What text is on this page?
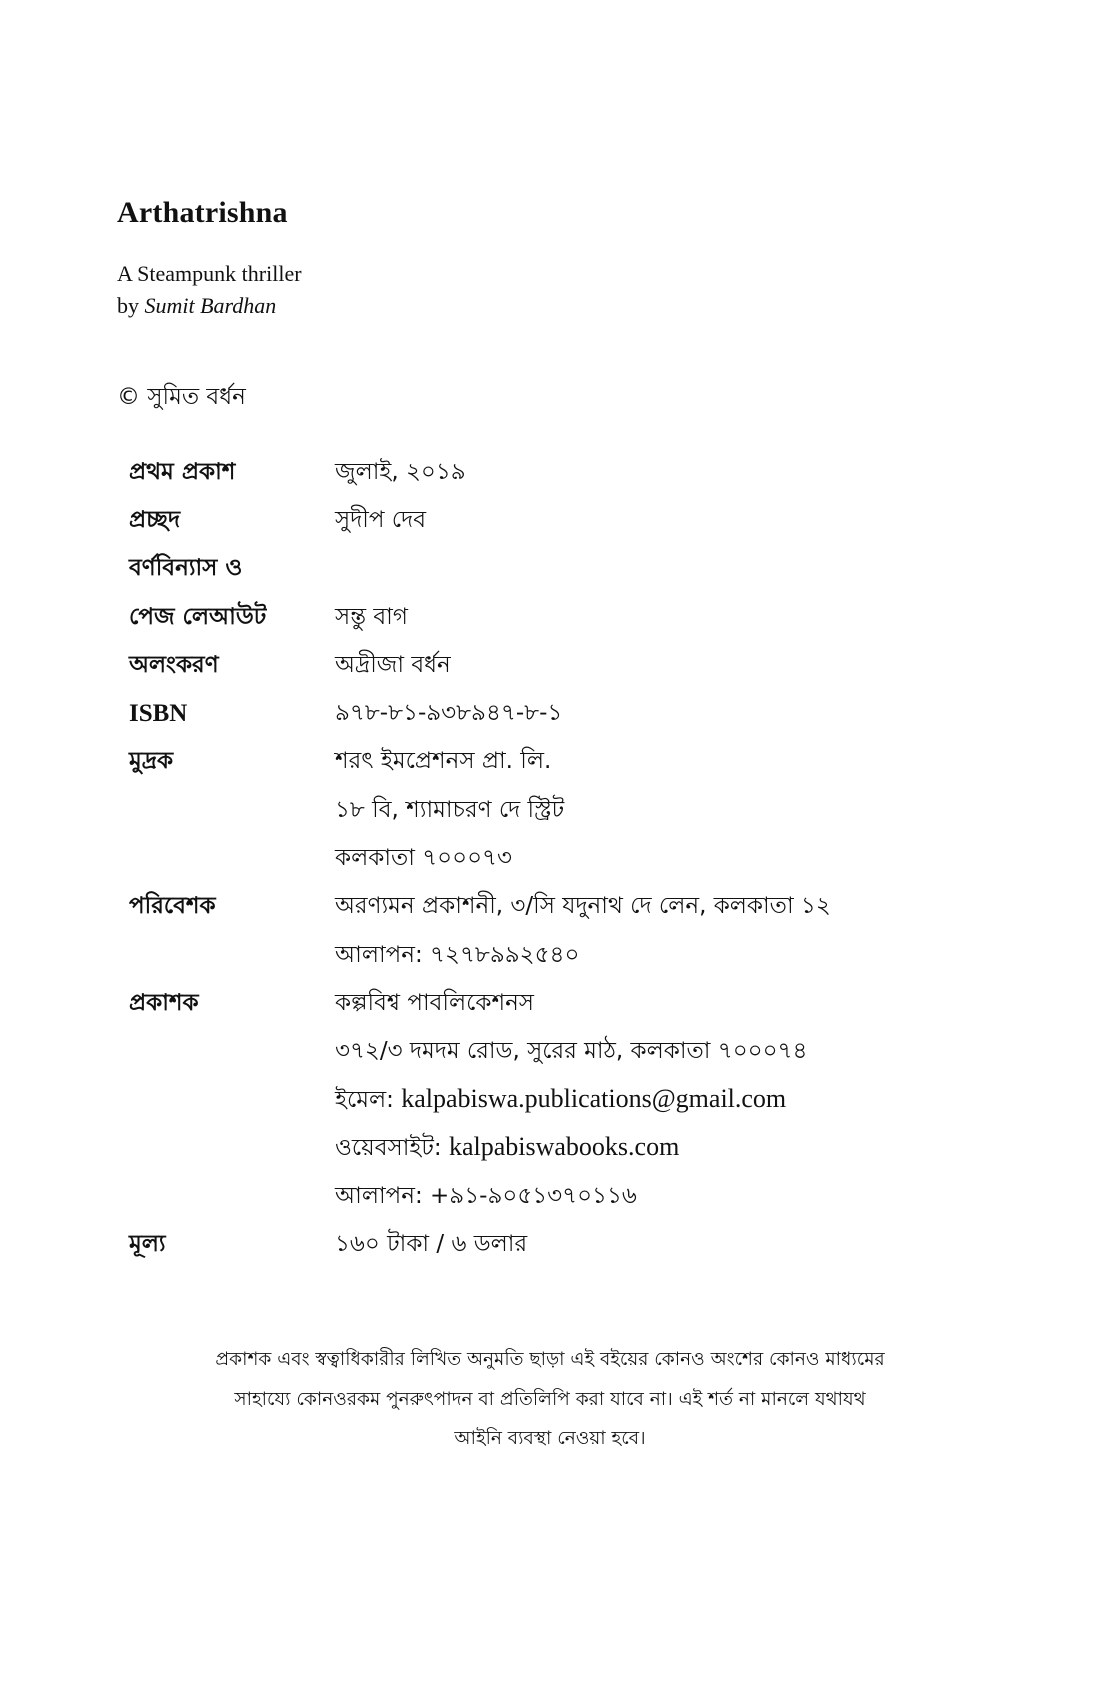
Arthatrishna
A Steampunk thriller
by Sumit Bardhan
© সুমিত বর্ধন
প্রথম প্রকাশ	জুলাই, ২০১৯
প্রচ্ছদ	সুদীপ দেব
বর্ণবিন্যাস ও
পেজ লেআউট	সন্তু বাগ
অলংকরণ	অদ্রীজা বর্ধন
ISBN	৯৭৮-৮১-৯৩৮৯৪৭-৮-১
মুদ্রক	শরৎ ইমপ্রেশনস প্রা. লি.
১৮ বি, শ্যামাচরণ দে স্ট্রিট
কলকাতা ৭০০০৭৩
পরিবেশক	অরণ্যমন প্রকাশনী, ৩/সি যদুনাথ দে লেন, কলকাতা ১২
আলাপন: ৭২৭৮৯৯২৫৪০
প্রকাশক	কল্পবিশ্ব পাবলিকেশনস
৩৭২/৩ দমদম রোড, সুরের মাঠ, কলকাতা ৭০০০৭৪
ইমেল: kalpabiswa.publications@gmail.com
ওয়েবসাইট: kalpabiswabooks.com
আলাপন: +৯১-৯০৫১৩৭০১১৬
মূল্য	১৬০ টাকা / ৬ ডলার
প্রকাশক এবং স্বত্বাধিকারীর লিখিত অনুমতি ছাড়া এই বইয়ের কোনও অংশের কোনও মাধ্যমের
সাহায্যে কোনওরকম পুনরুৎপাদন বা প্রতিলিপি করা যাবে না। এই শর্ত না মানলে যথাযথ
আইনি ব্যবস্থা নেওয়া হবে।
